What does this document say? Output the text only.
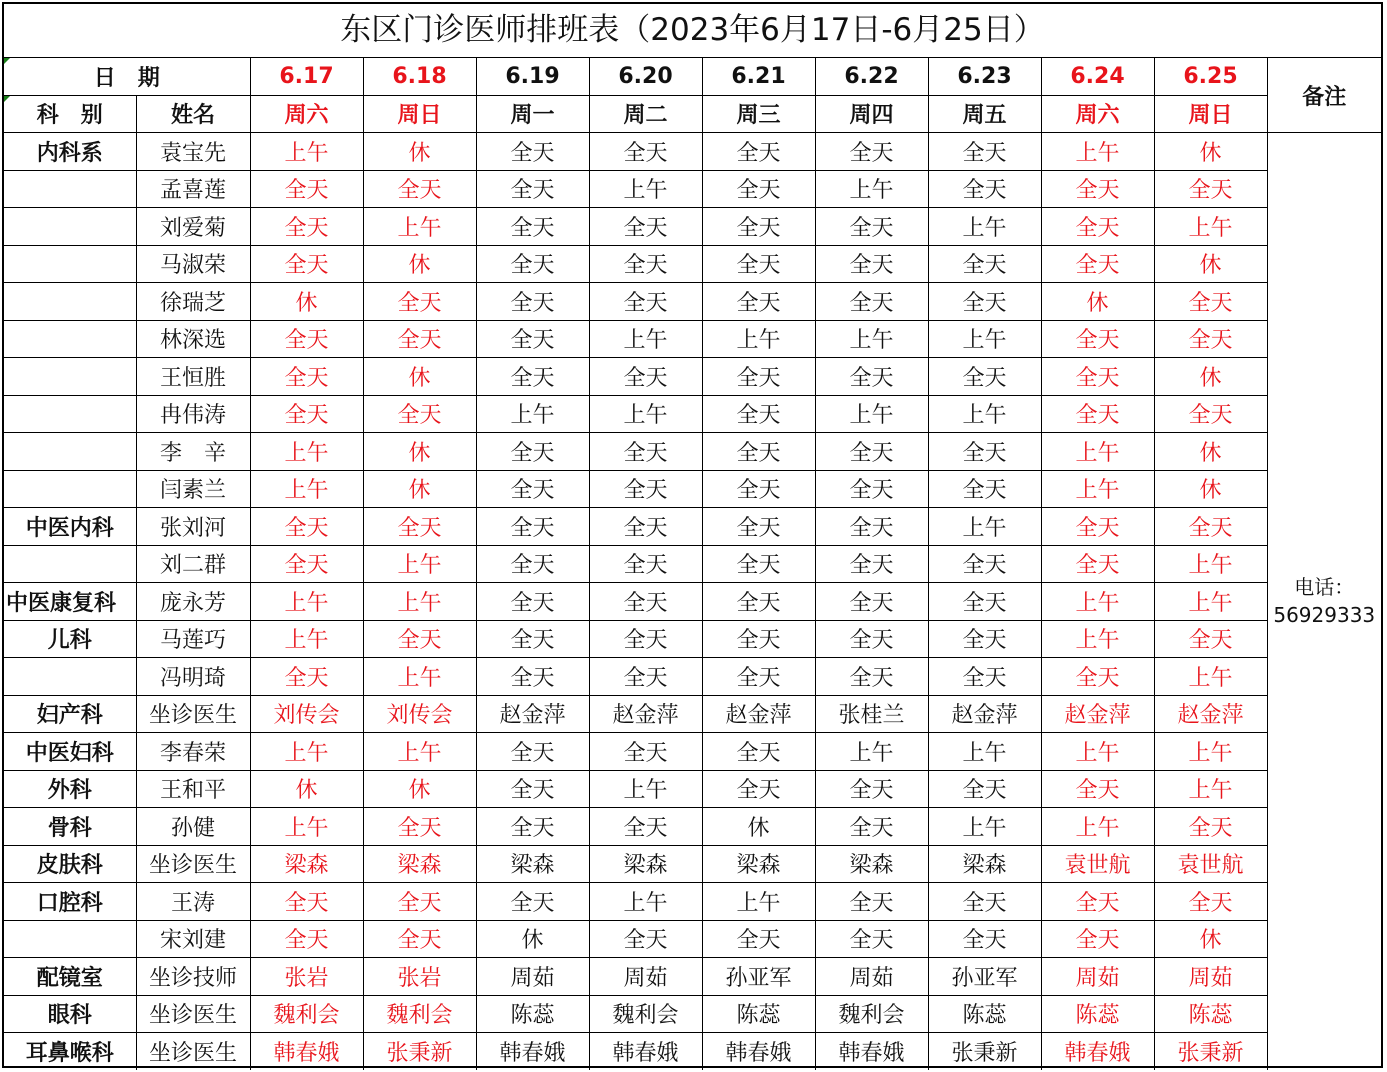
东区门诊医师排班表（2023年6月17日-6月25日）
日　期		6.17	6.18	6.19	6.20	6.21	6.22	6.23	6.24	6.25	备注
科　别	姓名	周六	周日	周一	周二	周三	周四	周五	周六	周日	
内科系	袁宝先	上午	休	全天	全天	全天	全天	全天	上午	休	电话：56929333
	孟喜莲	全天	全天	全天	上午	全天	上午	全天	全天	全天	
	刘爱菊	全天	上午	全天	全天	全天	全天	上午	全天	上午	
	马淑荣	全天	休	全天	全天	全天	全天	全天	全天	休	
	徐瑞芝	休	全天	全天	全天	全天	全天	全天	休	全天	
	林深选	全天	全天	全天	上午	上午	上午	上午	全天	全天	
	王恒胜	全天	休	全天	全天	全天	全天	全天	全天	休	
	冉伟涛	全天	全天	上午	上午	全天	上午	上午	全天	全天	
	李　辛	上午	休	全天	全天	全天	全天	全天	上午	休	
	闫素兰	上午	休	全天	全天	全天	全天	全天	上午	休	
中医内科	张刘河	全天	全天	全天	全天	全天	全天	上午	全天	全天	
	刘二群	全天	上午	全天	全天	全天	全天	全天	全天	上午	
中医康复科	庞永芳	上午	上午	全天	全天	全天	全天	全天	上午	上午	
儿科	马莲巧	上午	全天	全天	全天	全天	全天	全天	上午	全天	
	冯明琦	全天	上午	全天	全天	全天	全天	全天	全天	上午	
妇产科	坐诊医生	刘传会	刘传会	赵金萍	赵金萍	赵金萍	张桂兰	赵金萍	赵金萍	赵金萍	
中医妇科	李春荣	上午	上午	全天	全天	全天	上午	上午	上午	上午	
外科	王和平	休	休	全天	上午	全天	全天	全天	全天	上午	
骨科	孙健	上午	全天	全天	全天	休	全天	上午	上午	全天	
皮肤科	坐诊医生	梁森	梁森	梁森	梁森	梁森	梁森	梁森	袁世航	袁世航	
口腔科	王涛	全天	全天	全天	上午	上午	全天	全天	全天	全天	
	宋刘建	全天	全天	休	全天	全天	全天	全天	全天	休	
配镜室	坐诊技师	张岩	张岩	周茹	周茹	孙亚军	周茹	孙亚军	周茹	周茹	
眼科	坐诊医生	魏利会	魏利会	陈蕊	魏利会	陈蕊	魏利会	陈蕊	陈蕊	陈蕊	
耳鼻喉科	坐诊医生	韩春娥	张秉新	韩春娥	韩春娥	韩春娥	韩春娥	张秉新	韩春娥	张秉新	
